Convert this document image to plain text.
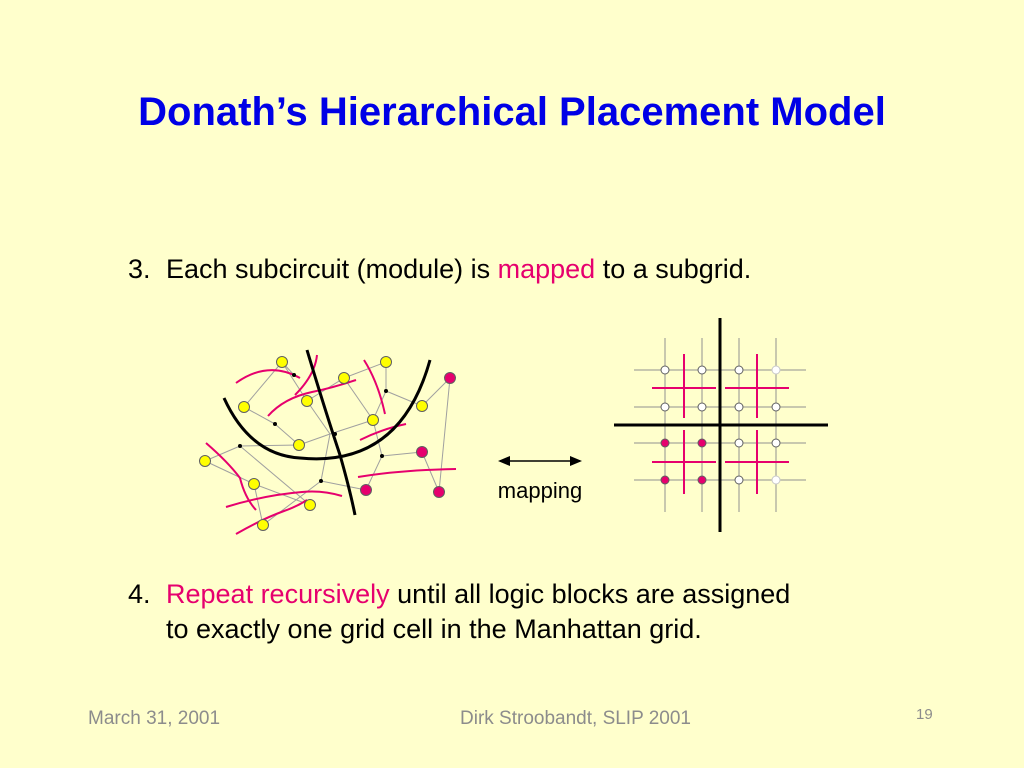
Donath’s Hierarchical Placement Model
3. Each subcircuit (module) is mapped to a subgrid.
mapping
4. Repeat recursively until all logic blocks are assigned
to exactly one grid cell in the Manhattan grid.
March 31, 2001	Dirk Stroobandt, SLIP 2001	19
